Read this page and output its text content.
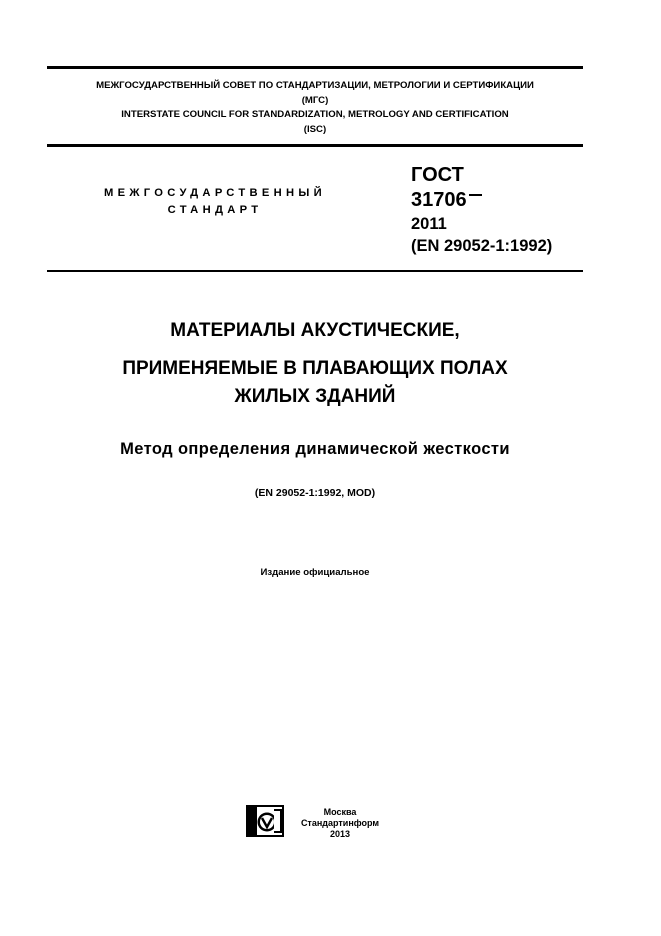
МЕЖГОСУДАРСТВЕННЫЙ СОВЕТ ПО СТАНДАРТИЗАЦИИ, МЕТРОЛОГИИ И СЕРТИФИКАЦИИ
(МГС)
INTERSTATE COUNCIL FOR STANDARDIZATION, METROLOGY AND CERTIFICATION
(ISC)
МЕЖГОСУДАРСТВЕННЫЙ
СТАНДАРТ
ГОСТ
31706
2011
(EN 29052-1:1992)
МАТЕРИАЛЫ АКУСТИЧЕСКИЕ,
ПРИМЕНЯЕМЫЕ В ПЛАВАЮЩИХ ПОЛАХ
ЖИЛЫХ ЗДАНИЙ
Метод определения динамической жесткости
(EN 29052-1:1992, MOD)
Издание официальное
Москва
Стандартинформ
2013
